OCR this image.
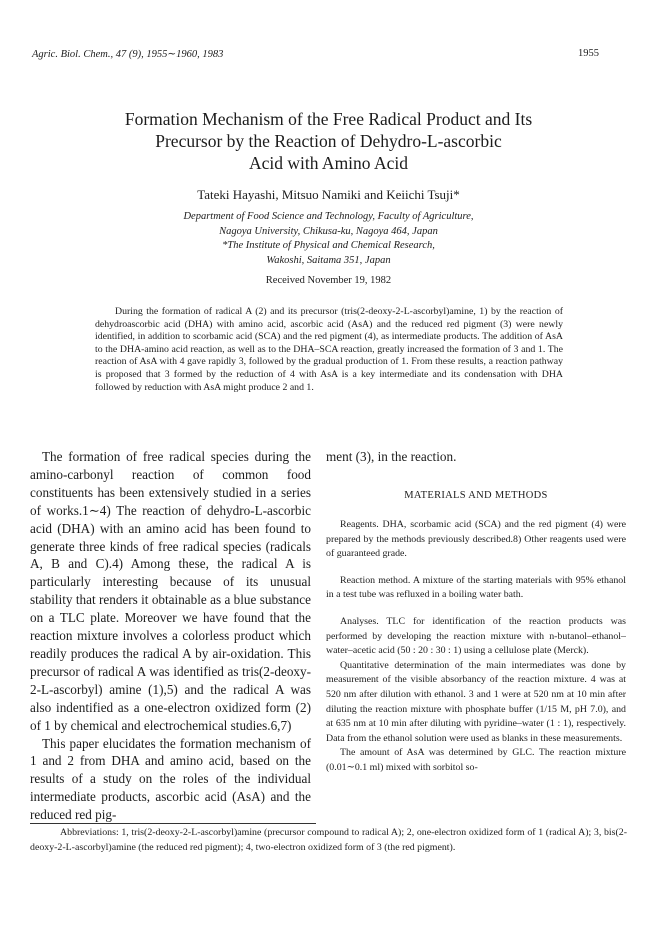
Agric. Biol. Chem., 47 (9), 1955∼1960, 1983	1955
Formation Mechanism of the Free Radical Product and Its
Precursor by the Reaction of Dehydro-L-ascorbic
Acid with Amino Acid
Tateki Hayashi, Mitsuo Namiki and Keiichi Tsuji*
Department of Food Science and Technology, Faculty of Agriculture,
Nagoya University, Chikusa-ku, Nagoya 464, Japan
*The Institute of Physical and Chemical Research,
Wakoshi, Saitama 351, Japan
Received November 19, 1982
During the formation of radical A (2) and its precursor (tris(2-deoxy-2-L-ascorbyl)amine, 1) by the reaction of dehydroascorbic acid (DHA) with amino acid, ascorbic acid (AsA) and the reduced red pigment (3) were newly identified, in addition to scorbamic acid (SCA) and the red pigment (4), as intermediate products. The addition of AsA to the DHA-amino acid reaction, as well as to the DHA–SCA reaction, greatly increased the formation of 3 and 1. The reaction of AsA with 4 gave rapidly 3, followed by the gradual production of 1. From these results, a reaction pathway is proposed that 3 formed by the reduction of 4 with AsA is a key intermediate and its condensation with DHA followed by reduction with AsA might produce 2 and 1.

The formation of free radical species during the amino-carbonyl reaction of common food constituents has been extensively studied in a series of works.1∼4) The reaction of dehydro-L-ascorbic acid (DHA) with an amino acid has been found to generate three kinds of free radical species (radicals A, B and C).4) Among these, the radical A is particularly interesting because of its unusual stability that renders it obtainable as a blue substance on a TLC plate. Moreover we have found that the reaction mixture involves a colorless product which readily produces the radical A by air-oxidation. This precursor of radical A was identified as tris(2-deoxy-2-L-ascorbyl) amine (1),5) and the radical A was also indentified as a one-electron oxidized form (2) of 1 by chemical and electrochemical studies.6,7)

This paper elucidates the formation mechanism of 1 and 2 from DHA and amino acid, based on the results of a study on the roles of the individual intermediate products, ascorbic acid (AsA) and the reduced red pig-

ment (3), in the reaction.
MATERIALS AND METHODS

Reagents. DHA, scorbamic acid (SCA) and the red pigment (4) were prepared by the methods previously described.8) Other reagents used were of guaranteed grade.

Reaction method. A mixture of the starting materials with 95% ethanol in a test tube was refluxed in a boiling water bath.

Analyses. TLC for identification of the reaction products was performed by developing the reaction mixture with n-butanol–ethanol–water–acetic acid (50 : 20 : 30 : 1) using a cellulose plate (Merck).

Quantitative determination of the main intermediates was done by measurement of the visible absorbancy of the reaction mixture. 4 was at 520 nm after dilution with ethanol. 3 and 1 were at 520 nm at 10 min after diluting the reaction mixture with phosphate buffer (1/15 M, pH 7.0), and at 635 nm at 10 min after diluting with pyridine–water (1 : 1), respectively. Data from the ethanol solution were used as blanks in these measurements.

The amount of AsA was determined by GLC. The reaction mixture (0.01∼0.1 ml) mixed with sorbitol so-

Abbreviations: 1, tris(2-deoxy-2-L-ascorbyl)amine (precursor compound to radical A); 2, one-electron oxidized form of 1 (radical A); 3, bis(2-deoxy-2-L-ascorbyl)amine (the reduced red pigment); 4, two-electron oxidized form of 3 (the red pigment).
